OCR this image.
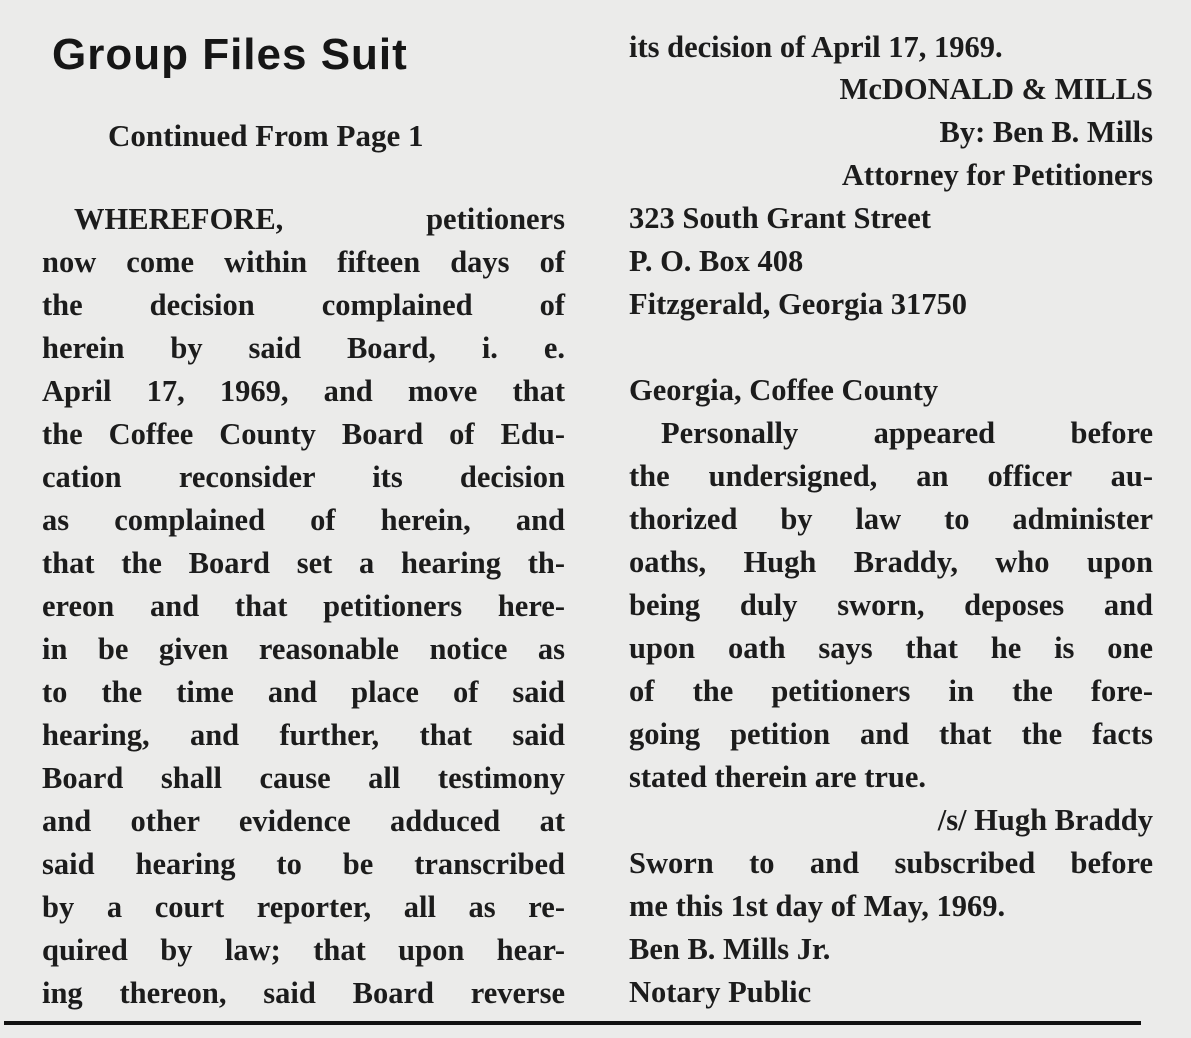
Group Files Suit
Continued From Page 1
WHEREFORE, petitioners
now come within fifteen days of
the decision complained of
herein by said Board, i. e.
April 17, 1969, and move that
the Coffee County Board of Edu-
cation reconsider its decision
as complained of herein, and
that the Board set a hearing th-
ereon and that petitioners here-
in be given reasonable notice as
to the time and place of said
hearing, and further, that said
Board shall cause all testimony
and other evidence adduced at
said hearing to be transcribed
by a court reporter, all as re-
quired by law; that upon hear-
ing thereon, said Board reverse
its decision of April 17, 1969.
McDONALD & MILLS
By: Ben B. Mills
Attorney for Petitioners
323 South Grant Street
P. O. Box 408
Fitzgerald, Georgia 31750
Georgia, Coffee County
Personally appeared before
the undersigned, an officer au-
thorized by law to administer
oaths, Hugh Braddy, who upon
being duly sworn, deposes and
upon oath says that he is one
of the petitioners in the fore-
going petition and that the facts
stated therein are true.
/s/ Hugh Braddy
Sworn to and subscribed before
me this 1st day of May, 1969.
Ben B. Mills Jr.
Notary Public
